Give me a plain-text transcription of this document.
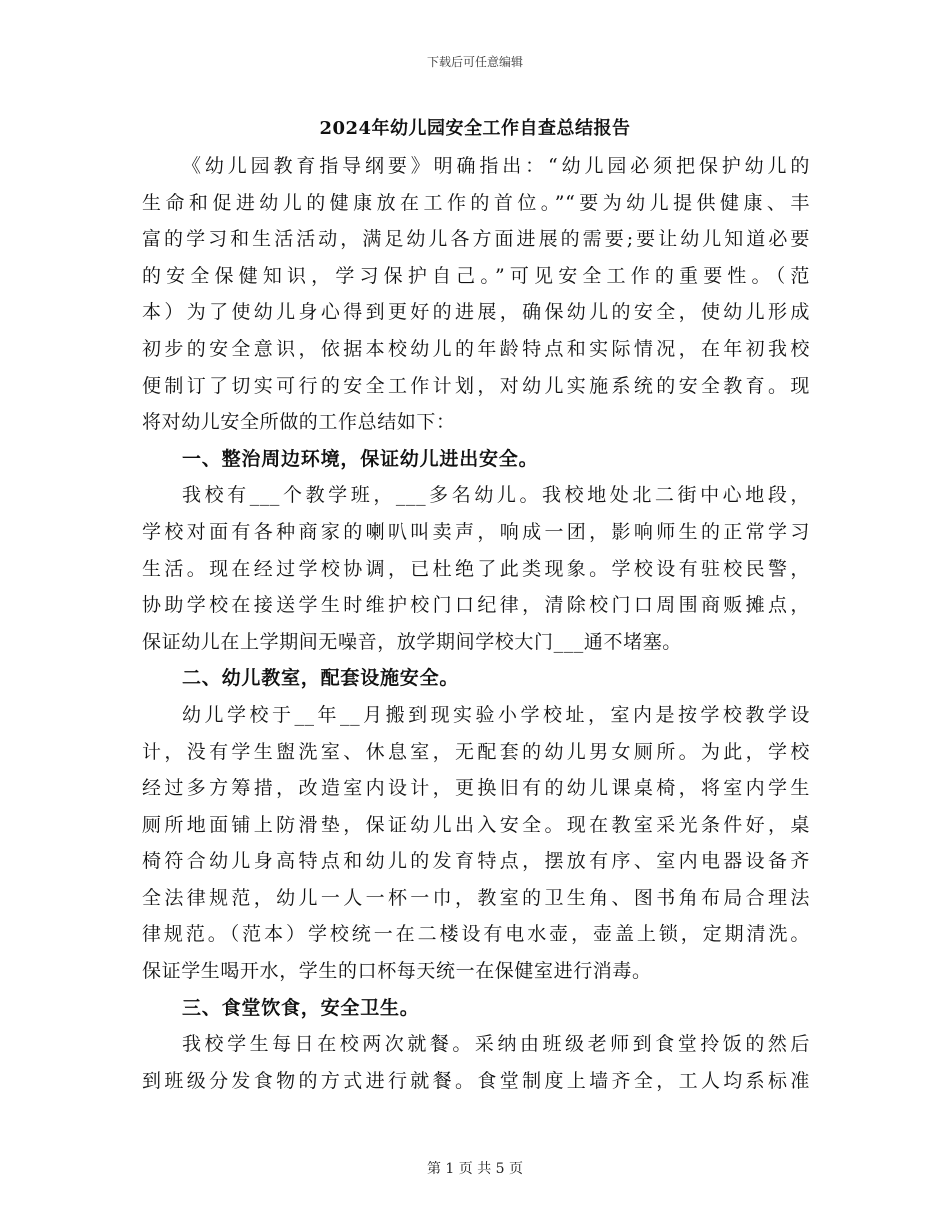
下载后可任意编辑
2024年幼儿园安全工作自查总结报告
《幼儿园教育指导纲要》明确指出：“幼儿园必须把保护幼儿的
生命和促进幼儿的健康放在工作的首位。”“要为幼儿提供健康、丰
富的学习和生活活动，满足幼儿各方面进展的需要;要让幼儿知道必要
的安全保健知识，学习保护自己。”可见安全工作的重要性。（范
本）为了使幼儿身心得到更好的进展，确保幼儿的安全，使幼儿形成
初步的安全意识，依据本校幼儿的年龄特点和实际情况，在年初我校
便制订了切实可行的安全工作计划，对幼儿实施系统的安全教育。现
将对幼儿安全所做的工作总结如下：
一、整治周边环境，保证幼儿进出安全。
我校有___个教学班，___多名幼儿。我校地处北二街中心地段，
学校对面有各种商家的喇叭叫卖声，响成一团，影响师生的正常学习
生活。现在经过学校协调，已杜绝了此类现象。学校设有驻校民警，
协助学校在接送学生时维护校门口纪律，清除校门口周围商贩摊点，
保证幼儿在上学期间无噪音，放学期间学校大门___通不堵塞。
二、幼儿教室，配套设施安全。
幼儿学校于__年__月搬到现实验小学校址，室内是按学校教学设
计，没有学生盥洗室、休息室，无配套的幼儿男女厕所。为此，学校
经过多方筹措，改造室内设计，更换旧有的幼儿课桌椅，将室内学生
厕所地面铺上防滑垫，保证幼儿出入安全。现在教室采光条件好，桌
椅符合幼儿身高特点和幼儿的发育特点，摆放有序、室内电器设备齐
全法律规范，幼儿一人一杯一巾，教室的卫生角、图书角布局合理法
律规范。（范本）学校统一在二楼设有电水壶，壶盖上锁，定期清洗。
保证学生喝开水，学生的口杯每天统一在保健室进行消毒。
三、食堂饮食，安全卫生。
我校学生每日在校两次就餐。采纳由班级老师到食堂拎饭的然后
到班级分发食物的方式进行就餐。食堂制度上墙齐全，工人均系标准
第 1 页 共 5 页
